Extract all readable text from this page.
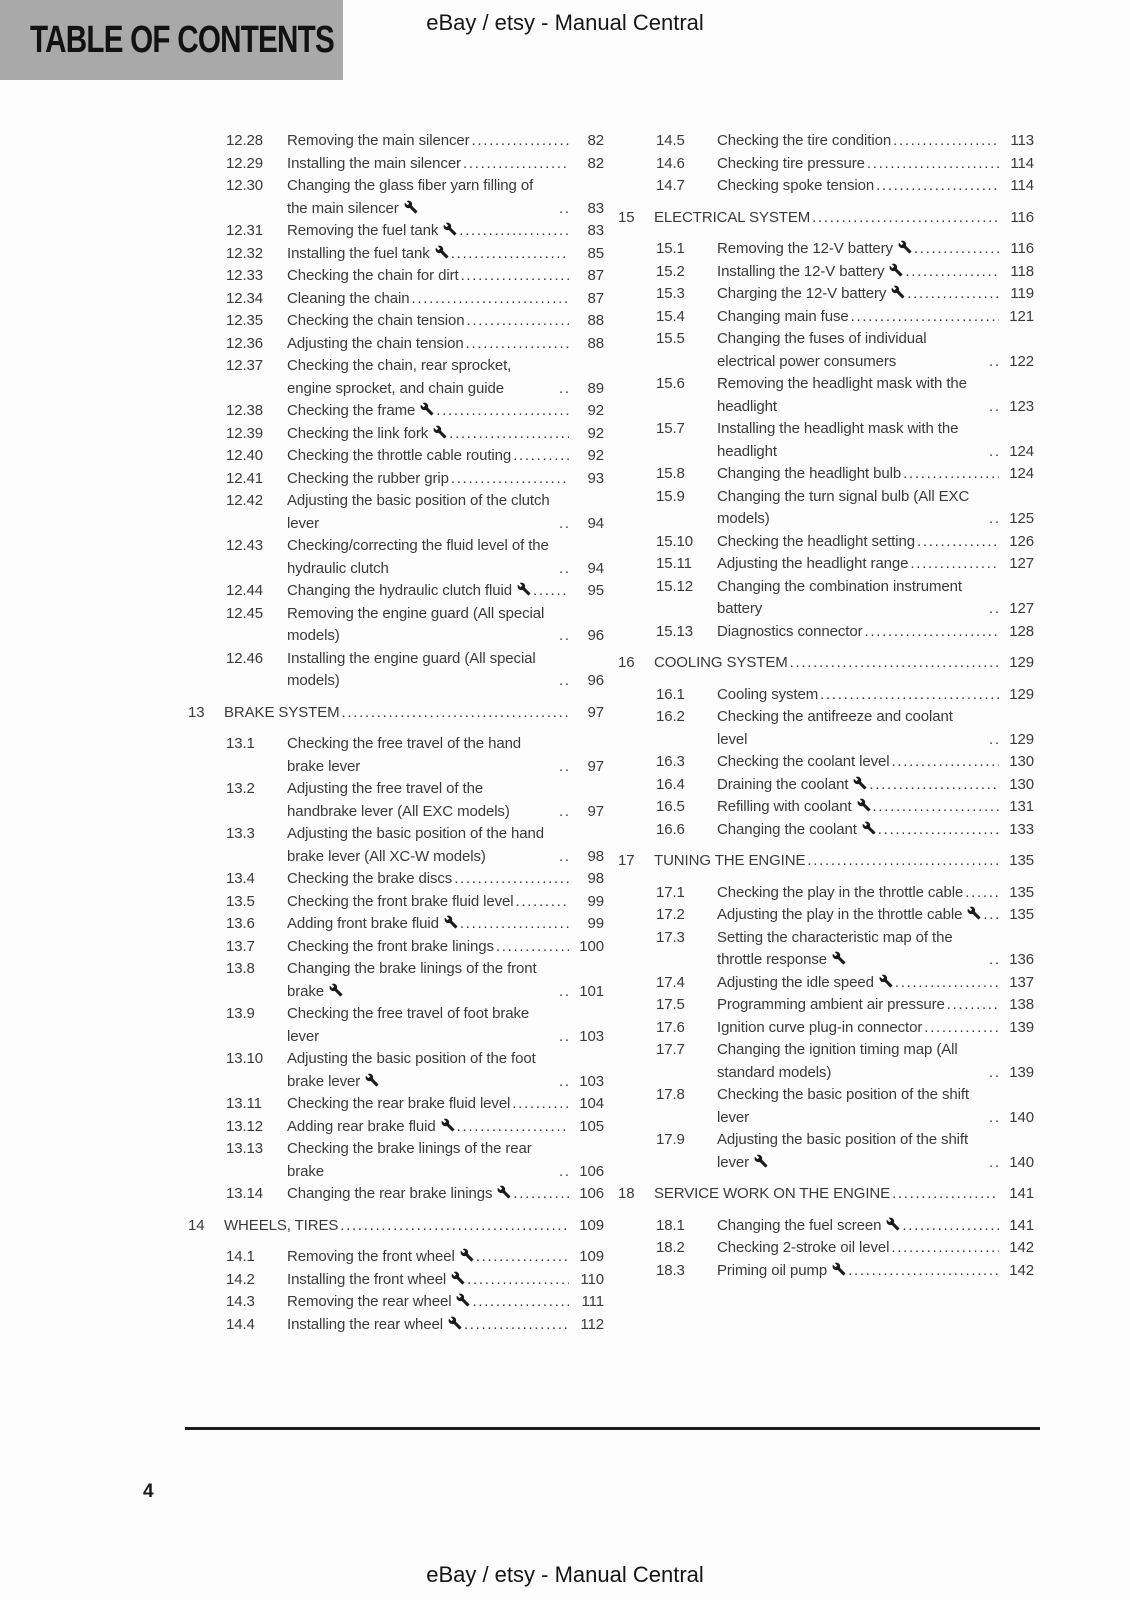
TABLE OF CONTENTS	eBay / etsy - Manual Central
12.28	Removing the main silencer .....	82
12.29	Installing the main silencer .....	82
12.30	Changing the glass fiber yarn filling of the main silencer .....	83
12.31	Removing the fuel tank .....	83
12.32	Installing the fuel tank .....	85
12.33	Checking the chain for dirt .....	87
12.34	Cleaning the chain .....	87
12.35	Checking the chain tension .....	88
12.36	Adjusting the chain tension .....	88
12.37	Checking the chain, rear sprocket, engine sprocket, and chain guide .....	89
12.38	Checking the frame .....	92
12.39	Checking the link fork .....	92
12.40	Checking the throttle cable routing .....	92
12.41	Checking the rubber grip .....	93
12.42	Adjusting the basic position of the clutch lever .....	94
12.43	Checking/correcting the fluid level of the hydraulic clutch .....	94
12.44	Changing the hydraulic clutch fluid .....	95
12.45	Removing the engine guard (All special models) .....	96
12.46	Installing the engine guard (All special models) .....	96
13	BRAKE SYSTEM .....	97
13.1	Checking the free travel of the hand brake lever .....	97
13.2	Adjusting the free travel of the handbrake lever (All EXC models) .....	97
13.3	Adjusting the basic position of the hand brake lever (All XC-W models) .....	98
13.4	Checking the brake discs .....	98
13.5	Checking the front brake fluid level .....	99
13.6	Adding front brake fluid .....	99
13.7	Checking the front brake linings .....	100
13.8	Changing the brake linings of the front brake .....	101
13.9	Checking the free travel of foot brake lever .....	103
13.10	Adjusting the basic position of the foot brake lever .....	103
13.11	Checking the rear brake fluid level .....	104
13.12	Adding rear brake fluid .....	105
13.13	Checking the brake linings of the rear brake .....	106
13.14	Changing the rear brake linings .....	106
14	WHEELS, TIRES .....	109
14.1	Removing the front wheel .....	109
14.2	Installing the front wheel .....	110
14.3	Removing the rear wheel .....	111
14.4	Installing the rear wheel .....	112
14.5	Checking the tire condition .....	113
14.6	Checking tire pressure .....	114
14.7	Checking spoke tension .....	114
15	ELECTRICAL SYSTEM .....	116
15.1	Removing the 12-V battery .....	116
15.2	Installing the 12-V battery .....	118
15.3	Charging the 12-V battery .....	119
15.4	Changing main fuse .....	121
15.5	Changing the fuses of individual electrical power consumers .....	122
15.6	Removing the headlight mask with the headlight .....	123
15.7	Installing the headlight mask with the headlight .....	124
15.8	Changing the headlight bulb .....	124
15.9	Changing the turn signal bulb (All EXC models) .....	125
15.10	Checking the headlight setting .....	126
15.11	Adjusting the headlight range .....	127
15.12	Changing the combination instrument battery .....	127
15.13	Diagnostics connector .....	128
16	COOLING SYSTEM .....	129
16.1	Cooling system .....	129
16.2	Checking the antifreeze and coolant level .....	129
16.3	Checking the coolant level .....	130
16.4	Draining the coolant .....	130
16.5	Refilling with coolant .....	131
16.6	Changing the coolant .....	133
17	TUNING THE ENGINE .....	135
17.1	Checking the play in the throttle cable .....	135
17.2	Adjusting the play in the throttle cable .....	135
17.3	Setting the characteristic map of the throttle response .....	136
17.4	Adjusting the idle speed .....	137
17.5	Programming ambient air pressure .....	138
17.6	Ignition curve plug-in connector .....	139
17.7	Changing the ignition timing map (All standard models) .....	139
17.8	Checking the basic position of the shift lever .....	140
17.9	Adjusting the basic position of the shift lever .....	140
18	SERVICE WORK ON THE ENGINE .....	141
18.1	Changing the fuel screen .....	141
18.2	Checking 2-stroke oil level .....	142
18.3	Priming oil pump .....	142
4
eBay / etsy - Manual Central
